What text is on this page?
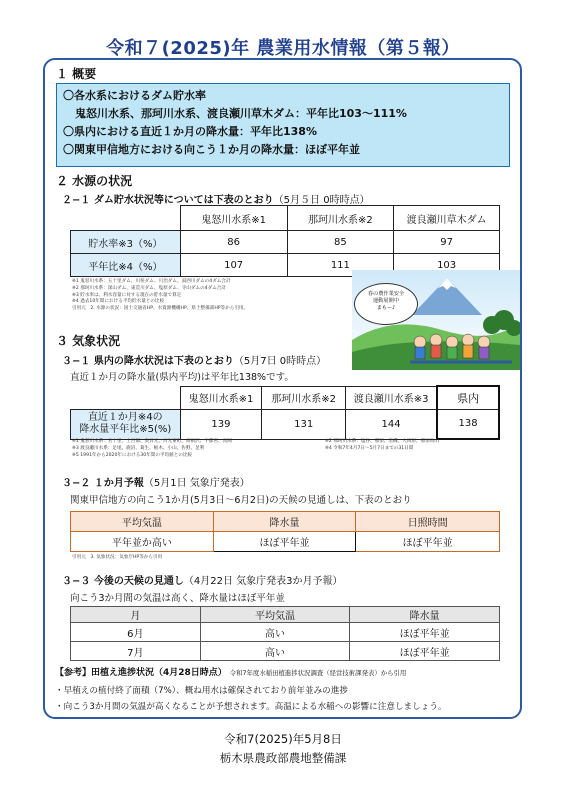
令和７(2025)年 農業用水情報（第５報）
１ 概要
〇各水系におけるダム貯水率
鬼怒川水系、那珂川水系、渡良瀬川草木ダム：平年比103～111%
〇県内における直近１か月の降水量：平年比138%
〇関東甲信地方における向こう１か月の降水量：ほぼ平年並
２ 水源の状況
２−１ ダム貯水状況等については下表のとおり（5月５日 0時時点）
	鬼怒川水系※1	那珂川水系※2	渡良瀬川草木ダム
貯水率※3（%）	86	85	97
平年比※4（%）	107	111	103
※1 鬼怒川水系：五十里ダム、川俣ダム、川治ダム、湯西川ダムの4ダム合計
※2 那珂川水系：深山ダム、東荒川ダム、塩原ダム、寺山ダムの4ダム合計
※3 貯水率は、利水容量に対する現在の貯水量で算定
※4 過去10年間における平均貯水量との比較
引用元　2. 水源の状況：国土交通省HP、水資源機構HP、県土整備部HP等から引用。
春の農作業安全
運動展開中
まもー♪
３ 気象状況
３−１ 県内の降水状況は下表のとおり（5月7日 0時時点）
直近１か月の降水量(県内平均)は平年比138%です。
	鬼怒川水系※1	那珂川水系※2	渡良瀬川水系※3	県内
直近１か月※4の
降水量平年比※5(%)	139	131	144	138
※1 鬼怒川水系：五十里、土呂部、奥日光、日光東町、高根沢、宇都宮、真岡
※3 渡良瀬川水系：足尾、鹿沼、葛生、栃木、小山、佐野、足利
※5 1991年から2020年における30年間の平均値との比較
※2 那珂川水系：塩谷、那須、黒磯、大田原、那須烏山
※4 令和7年4月7日～5月7日までの31日間
３−２ １か月予報（5月1日 気象庁発表）
関東甲信地方の向こう1か月(5月3日～6月2日)の天候の見通しは、下表のとおり
平均気温	降水量	日照時間
平年並か高い	ほぼ平年並	ほぼ平年並
引用元　3. 気象状況：気象庁HP等から引用
３−３ 今後の天候の見通し（4月22日 気象庁発表3か月予報）
向こう3か月間の気温は高く、降水量はほぼ平年並
月	平均気温	降水量
6月	高い	ほぼ平年並
7月	高い	ほぼ平年並
【参考】田植え進捗状況（4月28日時点） 令和7年度水稲田植進捗状況調査（経営技術課発表）から引用
・早植えの植付終了面積（7%）、概ね用水は確保されており前年並みの進捗
・向こう3か月間の気温が高くなることが予想されます。高温による水稲への影響に注意しましょう。
令和7(2025)年5月8日
栃木県農政部農地整備課
